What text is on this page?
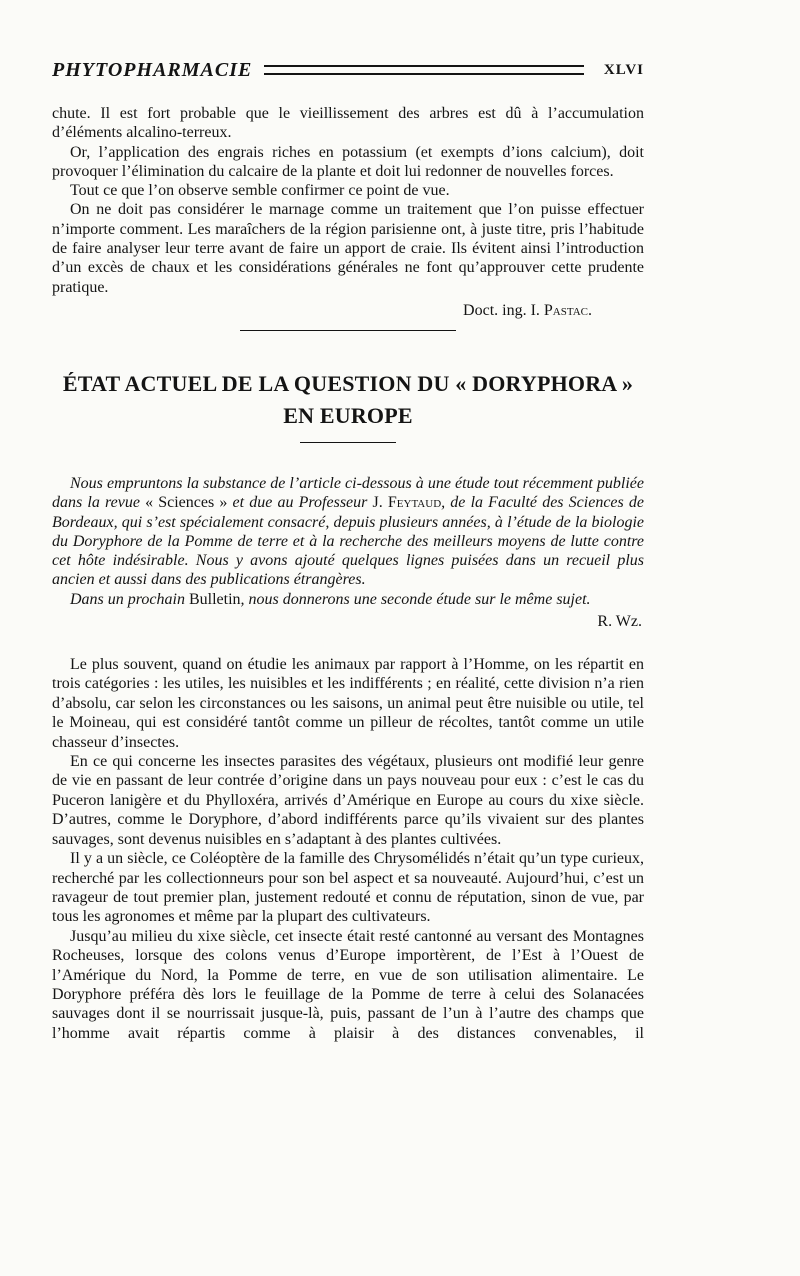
PHYTOPHARMACIE	XLVI

chute. Il est fort probable que le vieillissement des arbres est dû à l’accumulation d’éléments alcalino-terreux.

Or, l’application des engrais riches en potassium (et exempts d’ions calcium), doit provoquer l’élimination du calcaire de la plante et doit lui redonner de nouvelles forces.

Tout ce que l’on observe semble confirmer ce point de vue.

On ne doit pas considérer le marnage comme un traitement que l’on puisse effectuer n’importe comment. Les maraîchers de la région parisienne ont, à juste titre, pris l’habitude de faire analyser leur terre avant de faire un apport de craie. Ils évitent ainsi l’introduction d’un excès de chaux et les considérations générales ne font qu’approuver cette prudente pratique.

Doct. ing. I. Pastac.
ÉTAT ACTUEL DE LA QUESTION DU « DORYPHORA »
EN EUROPE

Nous empruntons la substance de l’article ci-dessous à une étude tout récemment publiée dans la revue « Sciences » et due au Professeur J. Feytaud, de la Faculté des Sciences de Bordeaux, qui s’est spécialement consacré, depuis plusieurs années, à l’étude de la biologie du Doryphore de la Pomme de terre et à la recherche des meilleurs moyens de lutte contre cet hôte indésirable. Nous y avons ajouté quelques lignes puisées dans un recueil plus ancien et aussi dans des publications étrangères.

Dans un prochain Bulletin, nous donnerons une seconde étude sur le même sujet.

R. Wz.

Le plus souvent, quand on étudie les animaux par rapport à l’Homme, on les répartit en trois catégories : les utiles, les nuisibles et les indifférents ; en réalité, cette division n’a rien d’absolu, car selon les circonstances ou les saisons, un animal peut être nuisible ou utile, tel le Moineau, qui est considéré tantôt comme un pilleur de récoltes, tantôt comme un utile chasseur d’insectes.

En ce qui concerne les insectes parasites des végétaux, plusieurs ont modifié leur genre de vie en passant de leur contrée d’origine dans un pays nouveau pour eux : c’est le cas du Puceron lanigère et du Phylloxéra, arrivés d’Amérique en Europe au cours du xixe siècle. D’autres, comme le Doryphore, d’abord indifférents parce qu’ils vivaient sur des plantes sauvages, sont devenus nuisibles en s’adaptant à des plantes cultivées.

Il y a un siècle, ce Coléoptère de la famille des Chrysomélidés n’était qu’un type curieux, recherché par les collectionneurs pour son bel aspect et sa nouveauté. Aujourd’hui, c’est un ravageur de tout premier plan, justement redouté et connu de réputation, sinon de vue, par tous les agronomes et même par la plupart des cultivateurs.

Jusqu’au milieu du xixe siècle, cet insecte était resté cantonné au versant des Montagnes Rocheuses, lorsque des colons venus d’Europe importèrent, de l’Est à l’Ouest de l’Amérique du Nord, la Pomme de terre, en vue de son utilisation alimentaire. Le Doryphore préféra dès lors le feuillage de la Pomme de terre à celui des Solanacées sauvages dont il se nourrissait jusque-là, puis, passant de l’un à l’autre des champs que l’homme avait répartis comme à plaisir à des distances convenables, il
